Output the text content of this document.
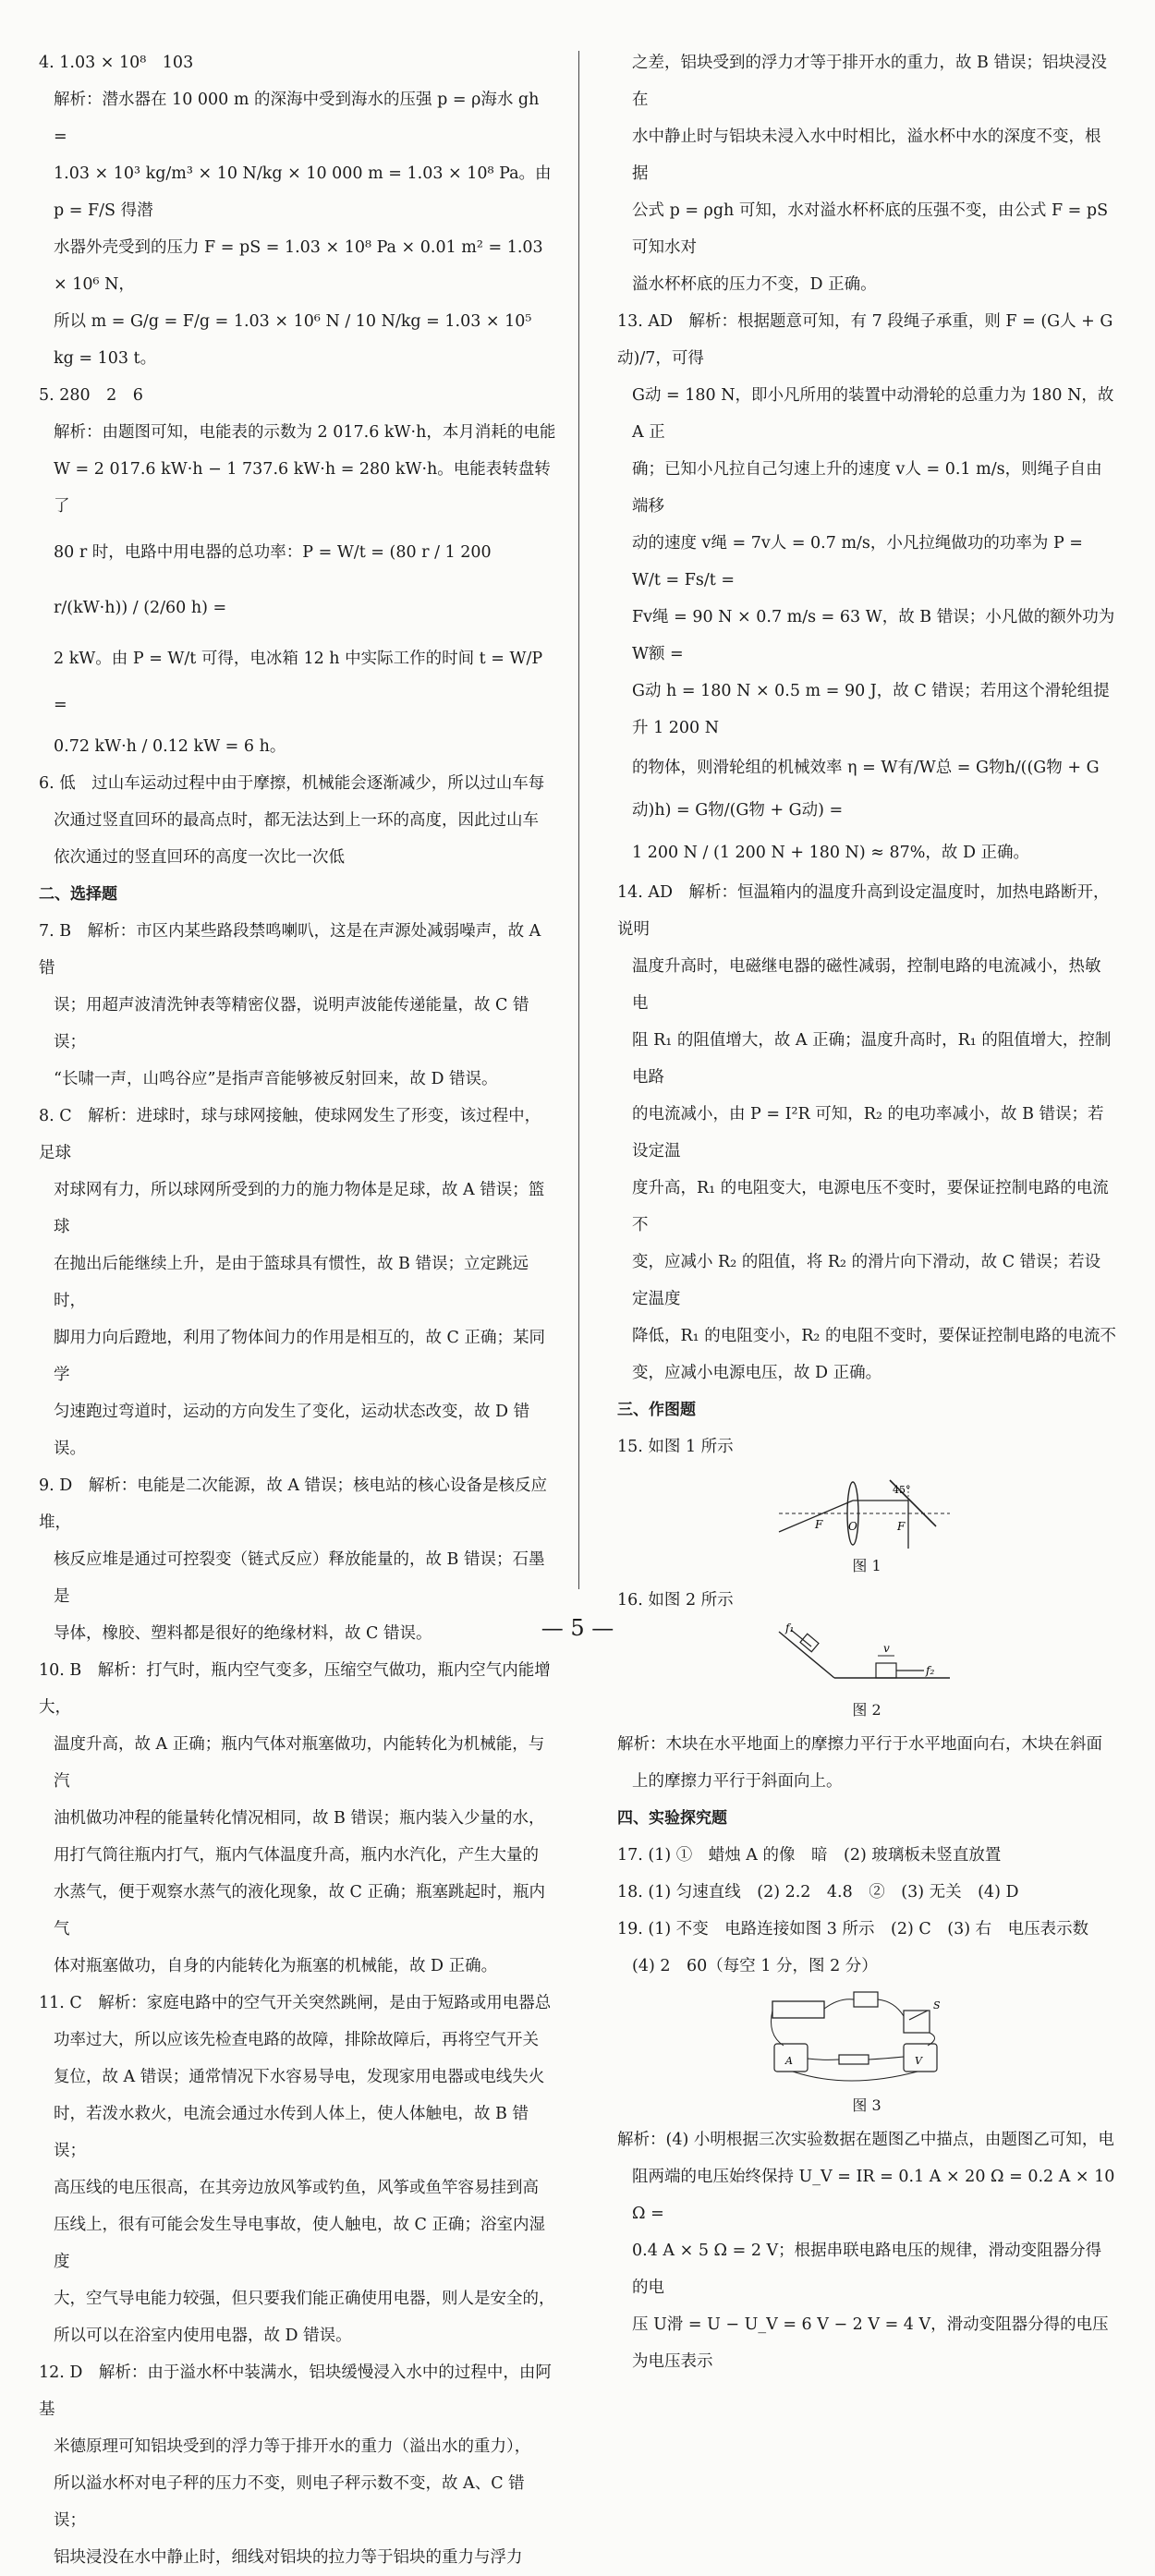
4. 1.03 × 10⁸　103

解析：潜水器在 10 000 m 的深海中受到海水的压强 p = ρ海水 gh =

1.03 × 10³ kg/m³ × 10 N/kg × 10 000 m = 1.03 × 10⁸ Pa。由 p = F/S 得潜

水器外壳受到的压力 F = pS = 1.03 × 10⁸ Pa × 0.01 m² = 1.03 × 10⁶ N，

所以 m = G/g = F/g = 1.03 × 10⁶ N / 10 N/kg = 1.03 × 10⁵ kg = 103 t。

5. 280　2　6

解析：由题图可知，电能表的示数为 2 017.6 kW·h，本月消耗的电能

W = 2 017.6 kW·h − 1 737.6 kW·h = 280 kW·h。电能表转盘转了

80 r 时，电路中用电器的总功率：P = W/t = (80 r / 1 200 r/(kW·h)) / (2/60 h) =

2 kW。由 P = W/t 可得，电冰箱 12 h 中实际工作的时间 t = W/P =

0.72 kW·h / 0.12 kW = 6 h。

6. 低　过山车运动过程中由于摩擦，机械能会逐渐减少，所以过山车每

次通过竖直回环的最高点时，都无法达到上一环的高度，因此过山车

依次通过的竖直回环的高度一次比一次低

二、选择题

7. B　解析：市区内某些路段禁鸣喇叭，这是在声源处减弱噪声，故 A 错

误；用超声波清洗钟表等精密仪器，说明声波能传递能量，故 C 错误；

“长啸一声，山鸣谷应”是指声音能够被反射回来，故 D 错误。

8. C　解析：进球时，球与球网接触，使球网发生了形变，该过程中，足球

对球网有力，所以球网所受到的力的施力物体是足球，故 A 错误；篮球

在抛出后能继续上升，是由于篮球具有惯性，故 B 错误；立定跳远时，

脚用力向后蹬地，利用了物体间力的作用是相互的，故 C 正确；某同学

匀速跑过弯道时，运动的方向发生了变化，运动状态改变，故 D 错误。

9. D　解析：电能是二次能源，故 A 错误；核电站的核心设备是核反应堆，

核反应堆是通过可控裂变（链式反应）释放能量的，故 B 错误；石墨是

导体，橡胶、塑料都是很好的绝缘材料，故 C 错误。

10. B　解析：打气时，瓶内空气变多，压缩空气做功，瓶内空气内能增大，

温度升高，故 A 正确；瓶内气体对瓶塞做功，内能转化为机械能，与汽

油机做功冲程的能量转化情况相同，故 B 错误；瓶内装入少量的水，

用打气筒往瓶内打气，瓶内气体温度升高，瓶内水汽化，产生大量的

水蒸气，便于观察水蒸气的液化现象，故 C 正确；瓶塞跳起时，瓶内气

体对瓶塞做功，自身的内能转化为瓶塞的机械能，故 D 正确。

11. C　解析：家庭电路中的空气开关突然跳闸，是由于短路或用电器总

功率过大，所以应该先检查电路的故障，排除故障后，再将空气开关

复位，故 A 错误；通常情况下水容易导电，发现家用电器或电线失火

时，若泼水救火，电流会通过水传到人体上，使人体触电，故 B 错误；

高压线的电压很高，在其旁边放风筝或钓鱼，风筝或鱼竿容易挂到高

压线上，很有可能会发生导电事故，使人触电，故 C 正确；浴室内湿度

大，空气导电能力较强，但只要我们能正确使用电器，则人是安全的，

所以可以在浴室内使用电器，故 D 错误。

12. D　解析：由于溢水杯中装满水，铝块缓慢浸入水中的过程中，由阿基

米德原理可知铝块受到的浮力等于排开水的重力（溢出水的重力），

所以溢水杯对电子秤的压力不变，则电子秤示数不变，故 A、C 错误；

铝块浸没在水中静止时，细线对铝块的拉力等于铝块的重力与浮力

之差，铝块受到的浮力才等于排开水的重力，故 B 错误；铝块浸没在

水中静止时与铝块未浸入水中时相比，溢水杯中水的深度不变，根据

公式 p = ρgh 可知，水对溢水杯杯底的压强不变，由公式 F = pS 可知水对

溢水杯杯底的压力不变，D 正确。

13. AD　解析：根据题意可知，有 7 段绳子承重，则 F = (G人 + G动)/7，可得

G动 = 180 N，即小凡所用的装置中动滑轮的总重力为 180 N，故 A 正

确；已知小凡拉自己匀速上升的速度 v人 = 0.1 m/s，则绳子自由端移

动的速度 v绳 = 7v人 = 0.7 m/s，小凡拉绳做功的功率为 P = W/t = Fs/t =

Fv绳 = 90 N × 0.7 m/s = 63 W，故 B 错误；小凡做的额外功为 W额 =

G动 h = 180 N × 0.5 m = 90 J，故 C 错误；若用这个滑轮组提升 1 200 N

的物体，则滑轮组的机械效率 η = W有/W总 = G物h/((G物 + G动)h) = G物/(G物 + G动) =

1 200 N / (1 200 N + 180 N) ≈ 87%，故 D 正确。

14. AD　解析：恒温箱内的温度升高到设定温度时，加热电路断开，说明

温度升高时，电磁继电器的磁性减弱，控制电路的电流减小，热敏电

阻 R₁ 的阻值增大，故 A 正确；温度升高时，R₁ 的阻值增大，控制电路

的电流减小，由 P = I²R 可知，R₂ 的电功率减小，故 B 错误；若设定温

度升高，R₁ 的电阻变大，电源电压不变时，要保证控制电路的电流不

变，应减小 R₂ 的阻值，将 R₂ 的滑片向下滑动，故 C 错误；若设定温度

降低，R₁ 的电阻变小，R₂ 的电阻不变时，要保证控制电路的电流不

变，应减小电源电压，故 D 正确。

三、作图题

15. 如图 1 所示

F O	F
45°
图 1

16. 如图 2 所示

f₁
v
f₂
图 2

解析：木块在水平地面上的摩擦力平行于水平地面向右，木块在斜面

上的摩擦力平行于斜面向上。

四、实验探究题

17. (1) ①　蜡烛 A 的像　暗　(2) 玻璃板未竖直放置

18. (1) 匀速直线　(2) 2.2　4.8　②　(3) 无关　(4) D

19. (1) 不变　电路连接如图 3 所示　(2) C　(3) 右　电压表示数

(4) 2　60（每空 1 分，图 2 分）

A	V
S
图 3

解析：(4) 小明根据三次实验数据在题图乙中描点，由题图乙可知，电

阻两端的电压始终保持 U_V = IR = 0.1 A × 20 Ω = 0.2 A × 10 Ω =

0.4 A × 5 Ω = 2 V；根据串联电路电压的规律，滑动变阻器分得的电

压 U滑 = U − U_V = 6 V − 2 V = 4 V，滑动变阻器分得的电压为电压表示

— 5 —
